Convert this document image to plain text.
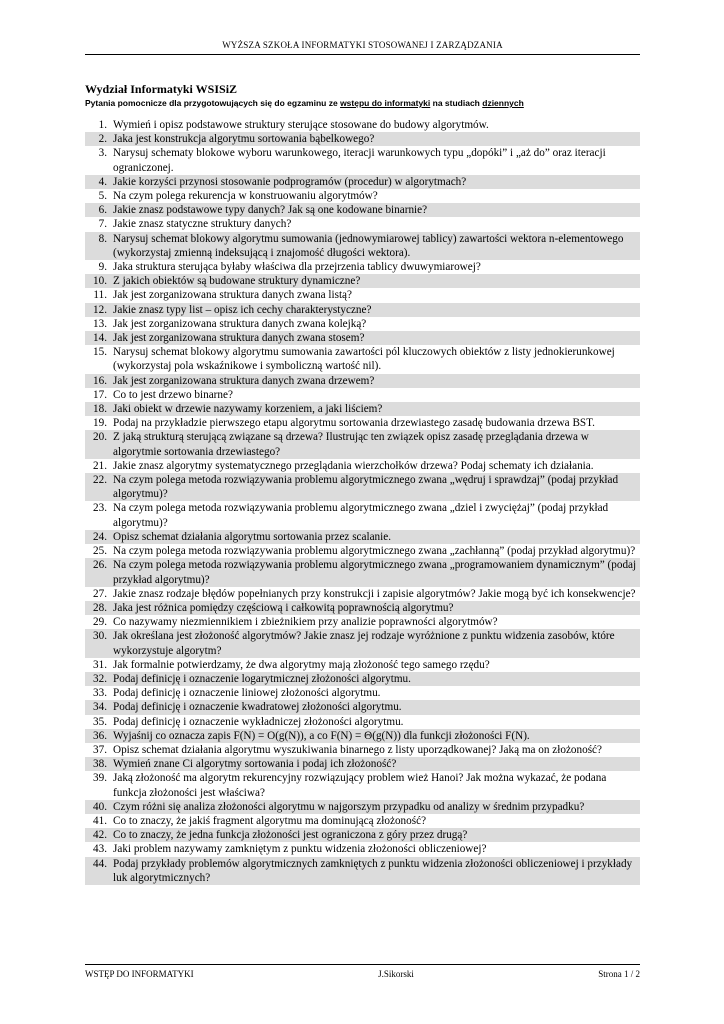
WYŻSZA SZKOŁA INFORMATYKI STOSOWANEJ I ZARZĄDZANIA
Wydział Informatyki WSISiZ
Pytania pomocnicze dla przygotowujących się do egzaminu ze wstępu do informatyki na studiach dziennych
1. Wymień i opisz podstawowe struktury sterujące stosowane do budowy algorytmów.
2. Jaka jest konstrukcja algorytmu sortowania bąbelkowego?
3. Narysuj schematy blokowe wyboru warunkowego, iteracji warunkowych typu „dopóki” i „aż do” oraz iteracji ograniczonej.
4. Jakie korzyści przynosi stosowanie podprogramów (procedur) w algorytmach?
5. Na czym polega rekurencja w konstruowaniu algorytmów?
6. Jakie znasz podstawowe typy danych? Jak są one kodowane binarnie?
7. Jakie znasz statyczne struktury danych?
8. Narysuj schemat blokowy algorytmu sumowania (jednowymiarowej tablicy) zawartości wektora n-elementowego (wykorzystaj zmienną indeksującą i znajomość długości wektora).
9. Jaka struktura sterująca byłaby właściwa dla przejrzenia tablicy dwuwymiarowej?
10. Z jakich obiektów są budowane struktury dynamiczne?
11. Jak jest zorganizowana struktura danych zwana listą?
12. Jakie znasz typy list – opisz ich cechy charakterystyczne?
13. Jak jest zorganizowana struktura danych zwana kolejką?
14. Jak jest zorganizowana struktura danych zwana stosem?
15. Narysuj schemat blokowy algorytmu sumowania zawartości pól kluczowych obiektów z listy jednokierunkowej (wykorzystaj pola wskaźnikowe i symboliczną wartość nil).
16. Jak jest zorganizowana struktura danych zwana drzewem?
17. Co to jest drzewo binarne?
18. Jaki obiekt w drzewie nazywamy korzeniem, a jaki liściem?
19. Podaj na przykładzie pierwszego etapu algorytmu sortowania drzewiastego zasadę budowania drzewa BST.
20. Z jaką strukturą sterującą związane są drzewa? Ilustrując ten związek opisz zasadę przeglądania drzewa w algorytmie sortowania drzewiastego?
21. Jakie znasz algorytmy systematycznego przeglądania wierzchołków drzewa? Podaj schematy ich działania.
22. Na czym polega metoda rozwiązywania problemu algorytmicznego zwana „wędruj i sprawdzaj” (podaj przykład algorytmu)?
23. Na czym polega metoda rozwiązywania problemu algorytmicznego zwana „dziel i zwyciężaj” (podaj przykład algorytmu)?
24. Opisz schemat działania algorytmu sortowania przez scalanie.
25. Na czym polega metoda rozwiązywania problemu algorytmicznego zwana „zachłanną” (podaj przykład algorytmu)?
26. Na czym polega metoda rozwiązywania problemu algorytmicznego zwana „programowaniem dynamicznym” (podaj przykład algorytmu)?
27. Jakie znasz rodzaje błędów popełnianych przy konstrukcji i zapisie algorytmów? Jakie mogą być ich konsekwencje?
28. Jaka jest różnica pomiędzy częściową i całkowitą poprawnością algorytmu?
29. Co nazywamy niezmiennikiem i zbieżnikiem przy analizie poprawności algorytmów?
30. Jak określana jest złożoność algorytmów? Jakie znasz jej rodzaje wyróżnione z punktu widzenia zasobów, które wykorzystuje algorytm?
31. Jak formalnie potwierdzamy, że dwa algorytmy mają złożoność tego samego rzędu?
32. Podaj definicję i oznaczenie logarytmicznej złożoności algorytmu.
33. Podaj definicję i oznaczenie liniowej złożoności algorytmu.
34. Podaj definicję i oznaczenie kwadratowej złożoności algorytmu.
35. Podaj definicję i oznaczenie wykładniczej złożoności algorytmu.
36. Wyjaśnij co oznacza zapis F(N) = O(g(N)), a co F(N) = Θ(g(N)) dla funkcji złożoności F(N).
37. Opisz schemat działania algorytmu wyszukiwania binarnego z listy uporządkowanej? Jaką ma on złożoność?
38. Wymień znane Ci algorytmy sortowania i podaj ich złożoność?
39. Jaką złożoność ma algorytm rekurencyjny rozwiązujący problem wież Hanoi? Jak można wykazać, że podana funkcja złożoności jest właściwa?
40. Czym różni się analiza złożoności algorytmu w najgorszym przypadku od analizy w średnim przypadku?
41. Co to znaczy, że jakiś fragment algorytmu ma dominującą złożoność?
42. Co to znaczy, że jedna funkcja złożoności jest ograniczona z góry przez drugą?
43. Jaki problem nazywamy zamkniętym z punktu widzenia złożoności obliczeniowej?
44. Podaj przykłady problemów algorytmicznych zamkniętych z punktu widzenia złożoności obliczeniowej i przykłady luk algorytmicznych?
WSTĘP DO INFORMATYKI	J.Sikorski	Strona 1 / 2
